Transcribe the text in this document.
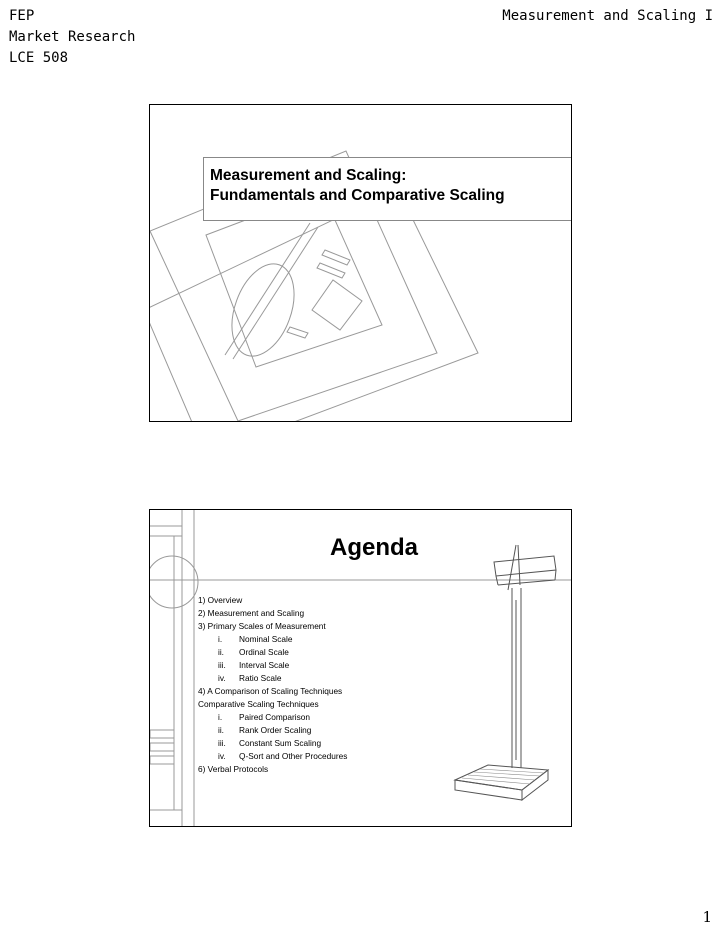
FEP
Market Research
LCE 508
Measurement and Scaling I
Measurement and Scaling:
Fundamentals and Comparative Scaling
Agenda
1) Overview
2) Measurement and Scaling
3) Primary Scales of Measurement
i. Nominal Scale
ii. Ordinal Scale
iii. Interval Scale
iv. Ratio Scale
4) A Comparison of Scaling Techniques
Comparative Scaling Techniques
i. Paired Comparison
ii. Rank Order Scaling
iii. Constant Sum Scaling
iv. Q-Sort and Other Procedures
6) Verbal Protocols
1
